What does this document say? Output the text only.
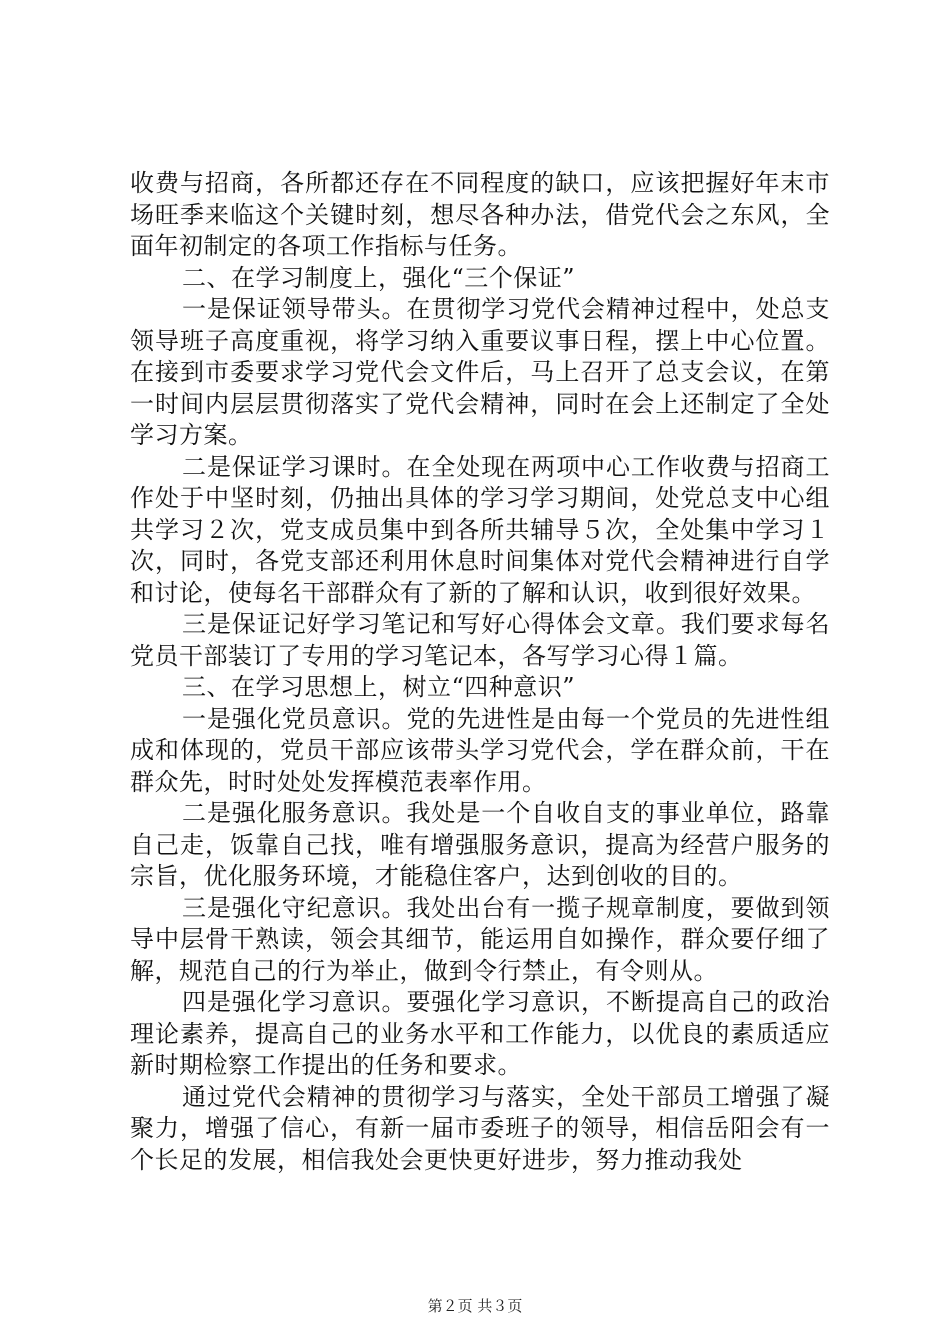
收费与招商，各所都还存在不同程度的缺口，应该把握好年末市场旺季来临这个关键时刻，想尽各种办法，借党代会之东风，全面年初制定的各项工作指标与任务。

二、在学习制度上，强化“三个保证”

一是保证领导带头。在贯彻学习党代会精神过程中，处总支领导班子高度重视，将学习纳入重要议事日程，摆上中心位置。在接到市委要求学习党代会文件后，马上召开了总支会议，在第一时间内层层贯彻落实了党代会精神，同时在会上还制定了全处学习方案。

二是保证学习课时。在全处现在两项中心工作收费与招商工作处于中坚时刻，仍抽出具体的学习学习期间，处党总支中心组共学习２次，党支成员集中到各所共辅导５次，全处集中学习１次，同时，各党支部还利用休息时间集体对党代会精神进行自学和讨论，使每名干部群众有了新的了解和认识，收到很好效果。

三是保证记好学习笔记和写好心得体会文章。我们要求每名党员干部装订了专用的学习笔记本，各写学习心得１篇。

三、在学习思想上，树立“四种意识”

一是强化党员意识。党的先进性是由每一个党员的先进性组成和体现的，党员干部应该带头学习党代会，学在群众前，干在群众先，时时处处发挥模范表率作用。

二是强化服务意识。我处是一个自收自支的事业单位，路靠自己走，饭靠自己找，唯有增强服务意识，提高为经营户服务的宗旨，优化服务环境，才能稳住客户，达到创收的目的。

三是强化守纪意识。我处出台有一揽子规章制度，要做到领导中层骨干熟读，领会其细节，能运用自如操作，群众要仔细了解，规范自己的行为举止，做到令行禁止，有令则从。

四是强化学习意识。要强化学习意识，不断提高自己的政治理论素养，提高自己的业务水平和工作能力，以优良的素质适应新时期检察工作提出的任务和要求。

通过党代会精神的贯彻学习与落实，全处干部员工增强了凝聚力，增强了信心，有新一届市委班子的领导，相信岳阳会有一个长足的发展，相信我处会更快更好进步，努力推动我处

第２页 共３页
